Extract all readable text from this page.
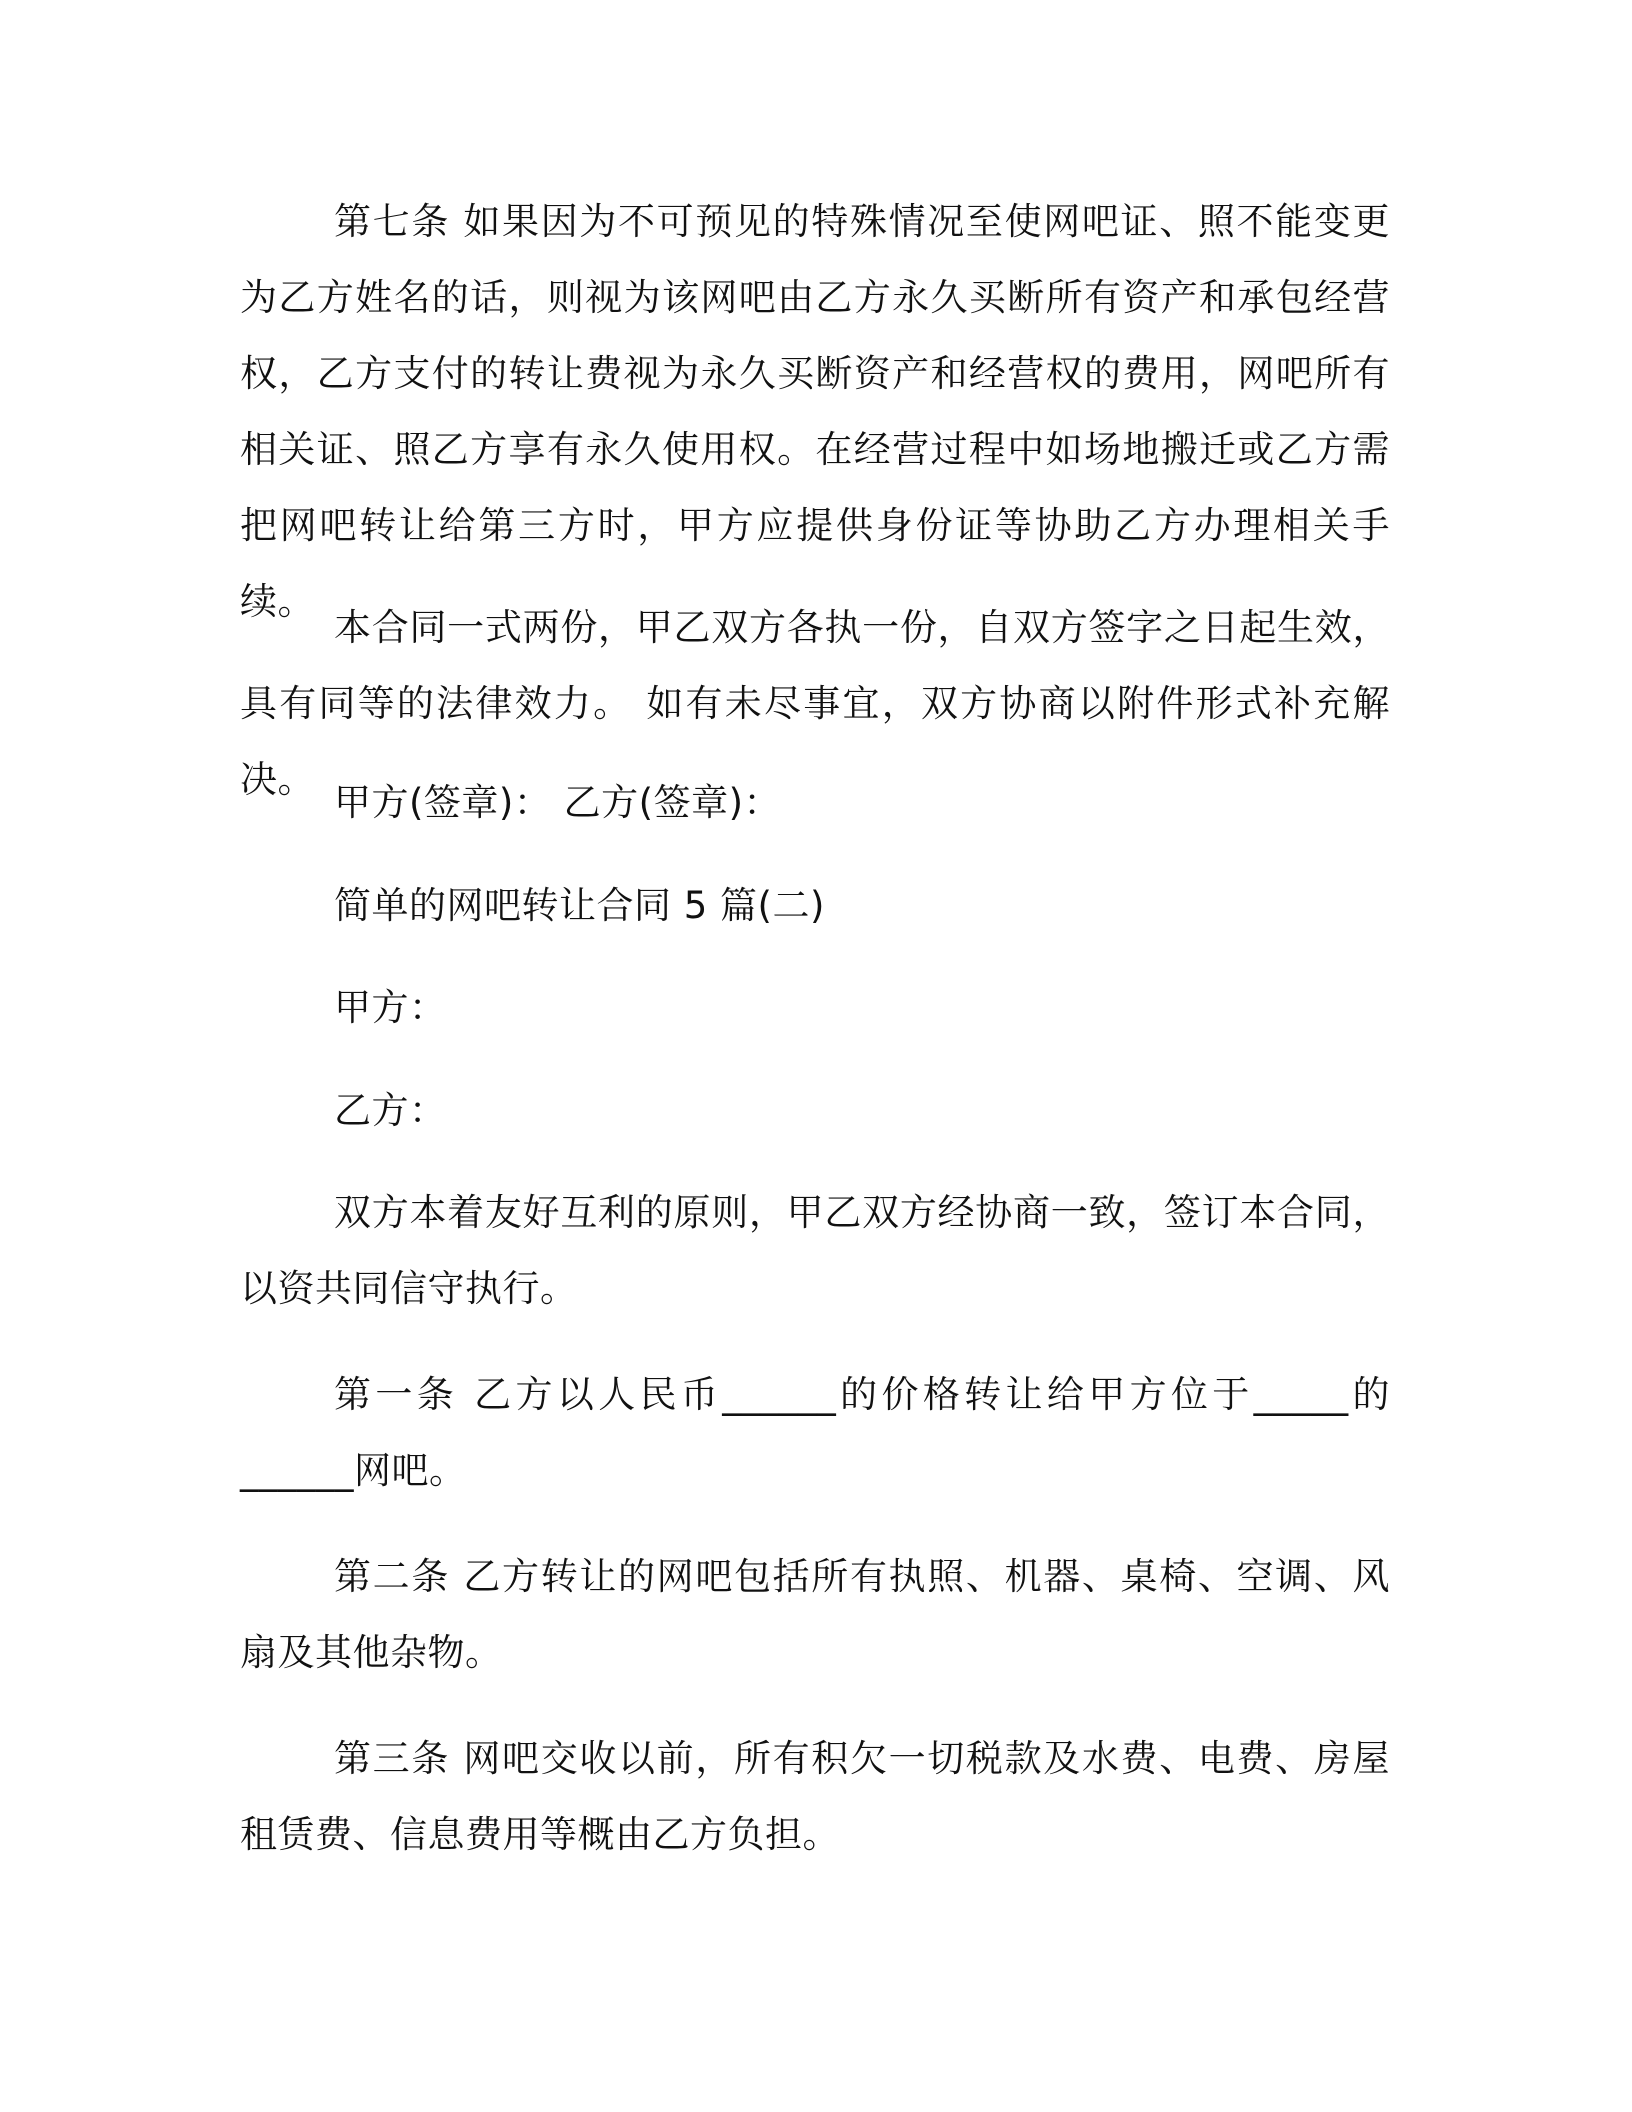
第七条 如果因为不可预见的特殊情况至使网吧证、照不能变更为乙方姓名的话，则视为该网吧由乙方永久买断所有资产和承包经营权，乙方支付的转让费视为永久买断资产和经营权的费用，网吧所有相关证、照乙方享有永久使用权。在经营过程中如场地搬迁或乙方需把网吧转让给第三方时，甲方应提供身份证等协助乙方办理相关手续。

本合同一式两份，甲乙双方各执一份，自双方签字之日起生效，具有同等的法律效力。 如有未尽事宜，双方协商以附件形式补充解决。

甲方(签章)： 乙方(签章)：

简单的网吧转让合同 5 篇(二)

甲方：

乙方：

双方本着友好互利的原则，甲乙双方经协商一致，签订本合同，以资共同信守执行。

第一条 乙方以人民币______的价格转让给甲方位于_____的______网吧。

第二条 乙方转让的网吧包括所有执照、机器、桌椅、空调、风扇及其他杂物。

第三条 网吧交收以前，所有积欠一切税款及水费、电费、房屋租赁费、信息费用等概由乙方负担。
